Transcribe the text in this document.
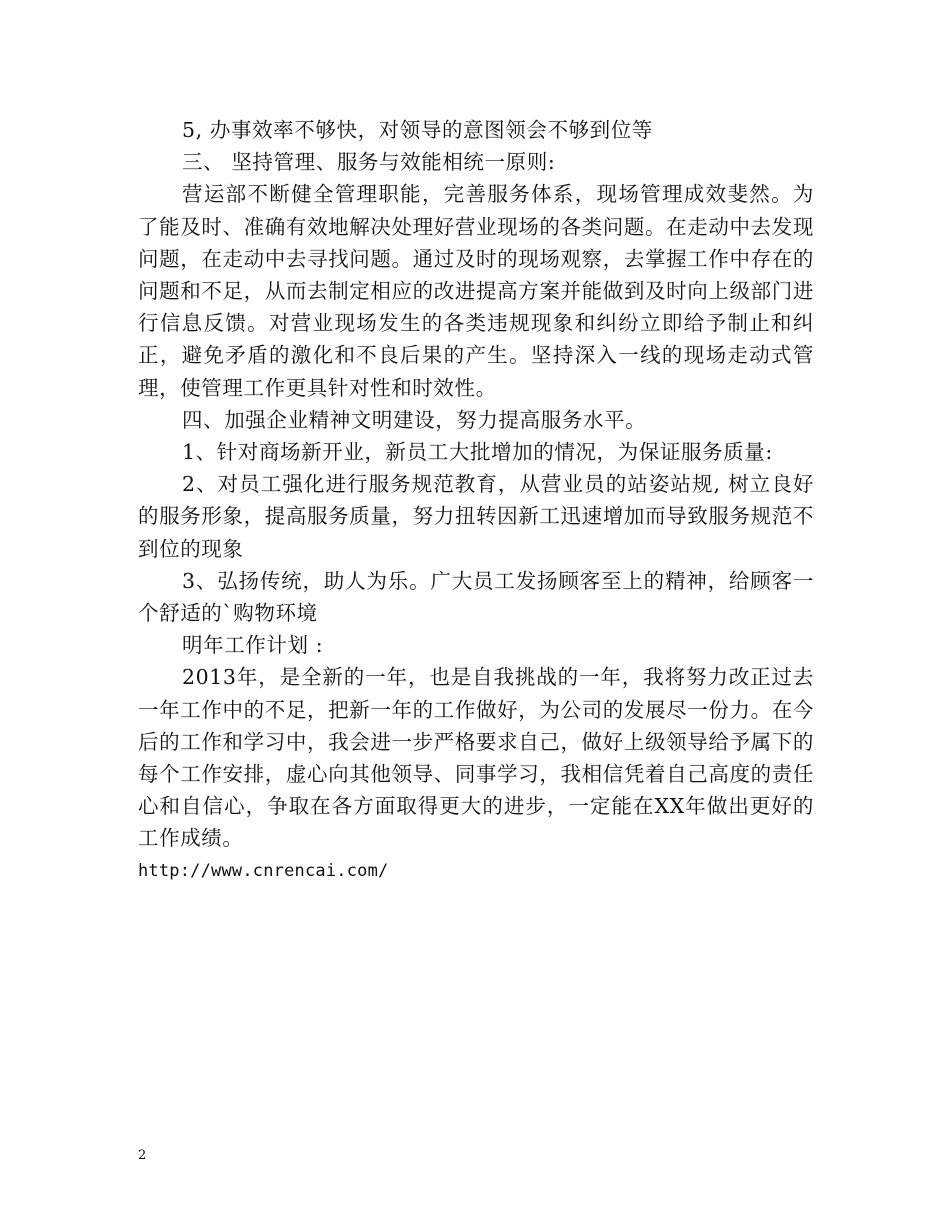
5, 办事效率不够快，对领导的意图领会不够到位等

三、 坚持管理、服务与效能相统一原则:

营运部不断健全管理职能，完善服务体系，现场管理成效斐然。为了能及时、准确有效地解决处理好营业现场的各类问题。在走动中去发现问题，在走动中去寻找问题。通过及时的现场观察，去掌握工作中存在的问题和不足，从而去制定相应的改进提高方案并能做到及时向上级部门进行信息反馈。对营业现场发生的各类违规现象和纠纷立即给予制止和纠正，避免矛盾的激化和不良后果的产生。坚持深入一线的现场走动式管理，使管理工作更具针对性和时效性。

四、加强企业精神文明建设，努力提高服务水平。

1、针对商场新开业，新员工大批增加的情况，为保证服务质量:

2、对员工强化进行服务规范教育，从营业员的站姿站规, 树立良好的服务形象，提高服务质量，努力扭转因新工迅速增加而导致服务规范不到位的现象

3、弘扬传统，助人为乐。广大员工发扬顾客至上的精神，给顾客一个舒适的`购物环境

明年工作计划 :

2013年，是全新的一年，也是自我挑战的一年，我将努力改正过去一年工作中的不足，把新一年的工作做好，为公司的发展尽一份力。在今后的工作和学习中，我会进一步严格要求自己，做好上级领导给予属下的每个工作安排，虚心向其他领导、同事学习，我相信凭着自己高度的责任心和自信心，争取在各方面取得更大的进步，一定能在XX年做出更好的工作成绩。

http://www.cnrencai.com/

2
